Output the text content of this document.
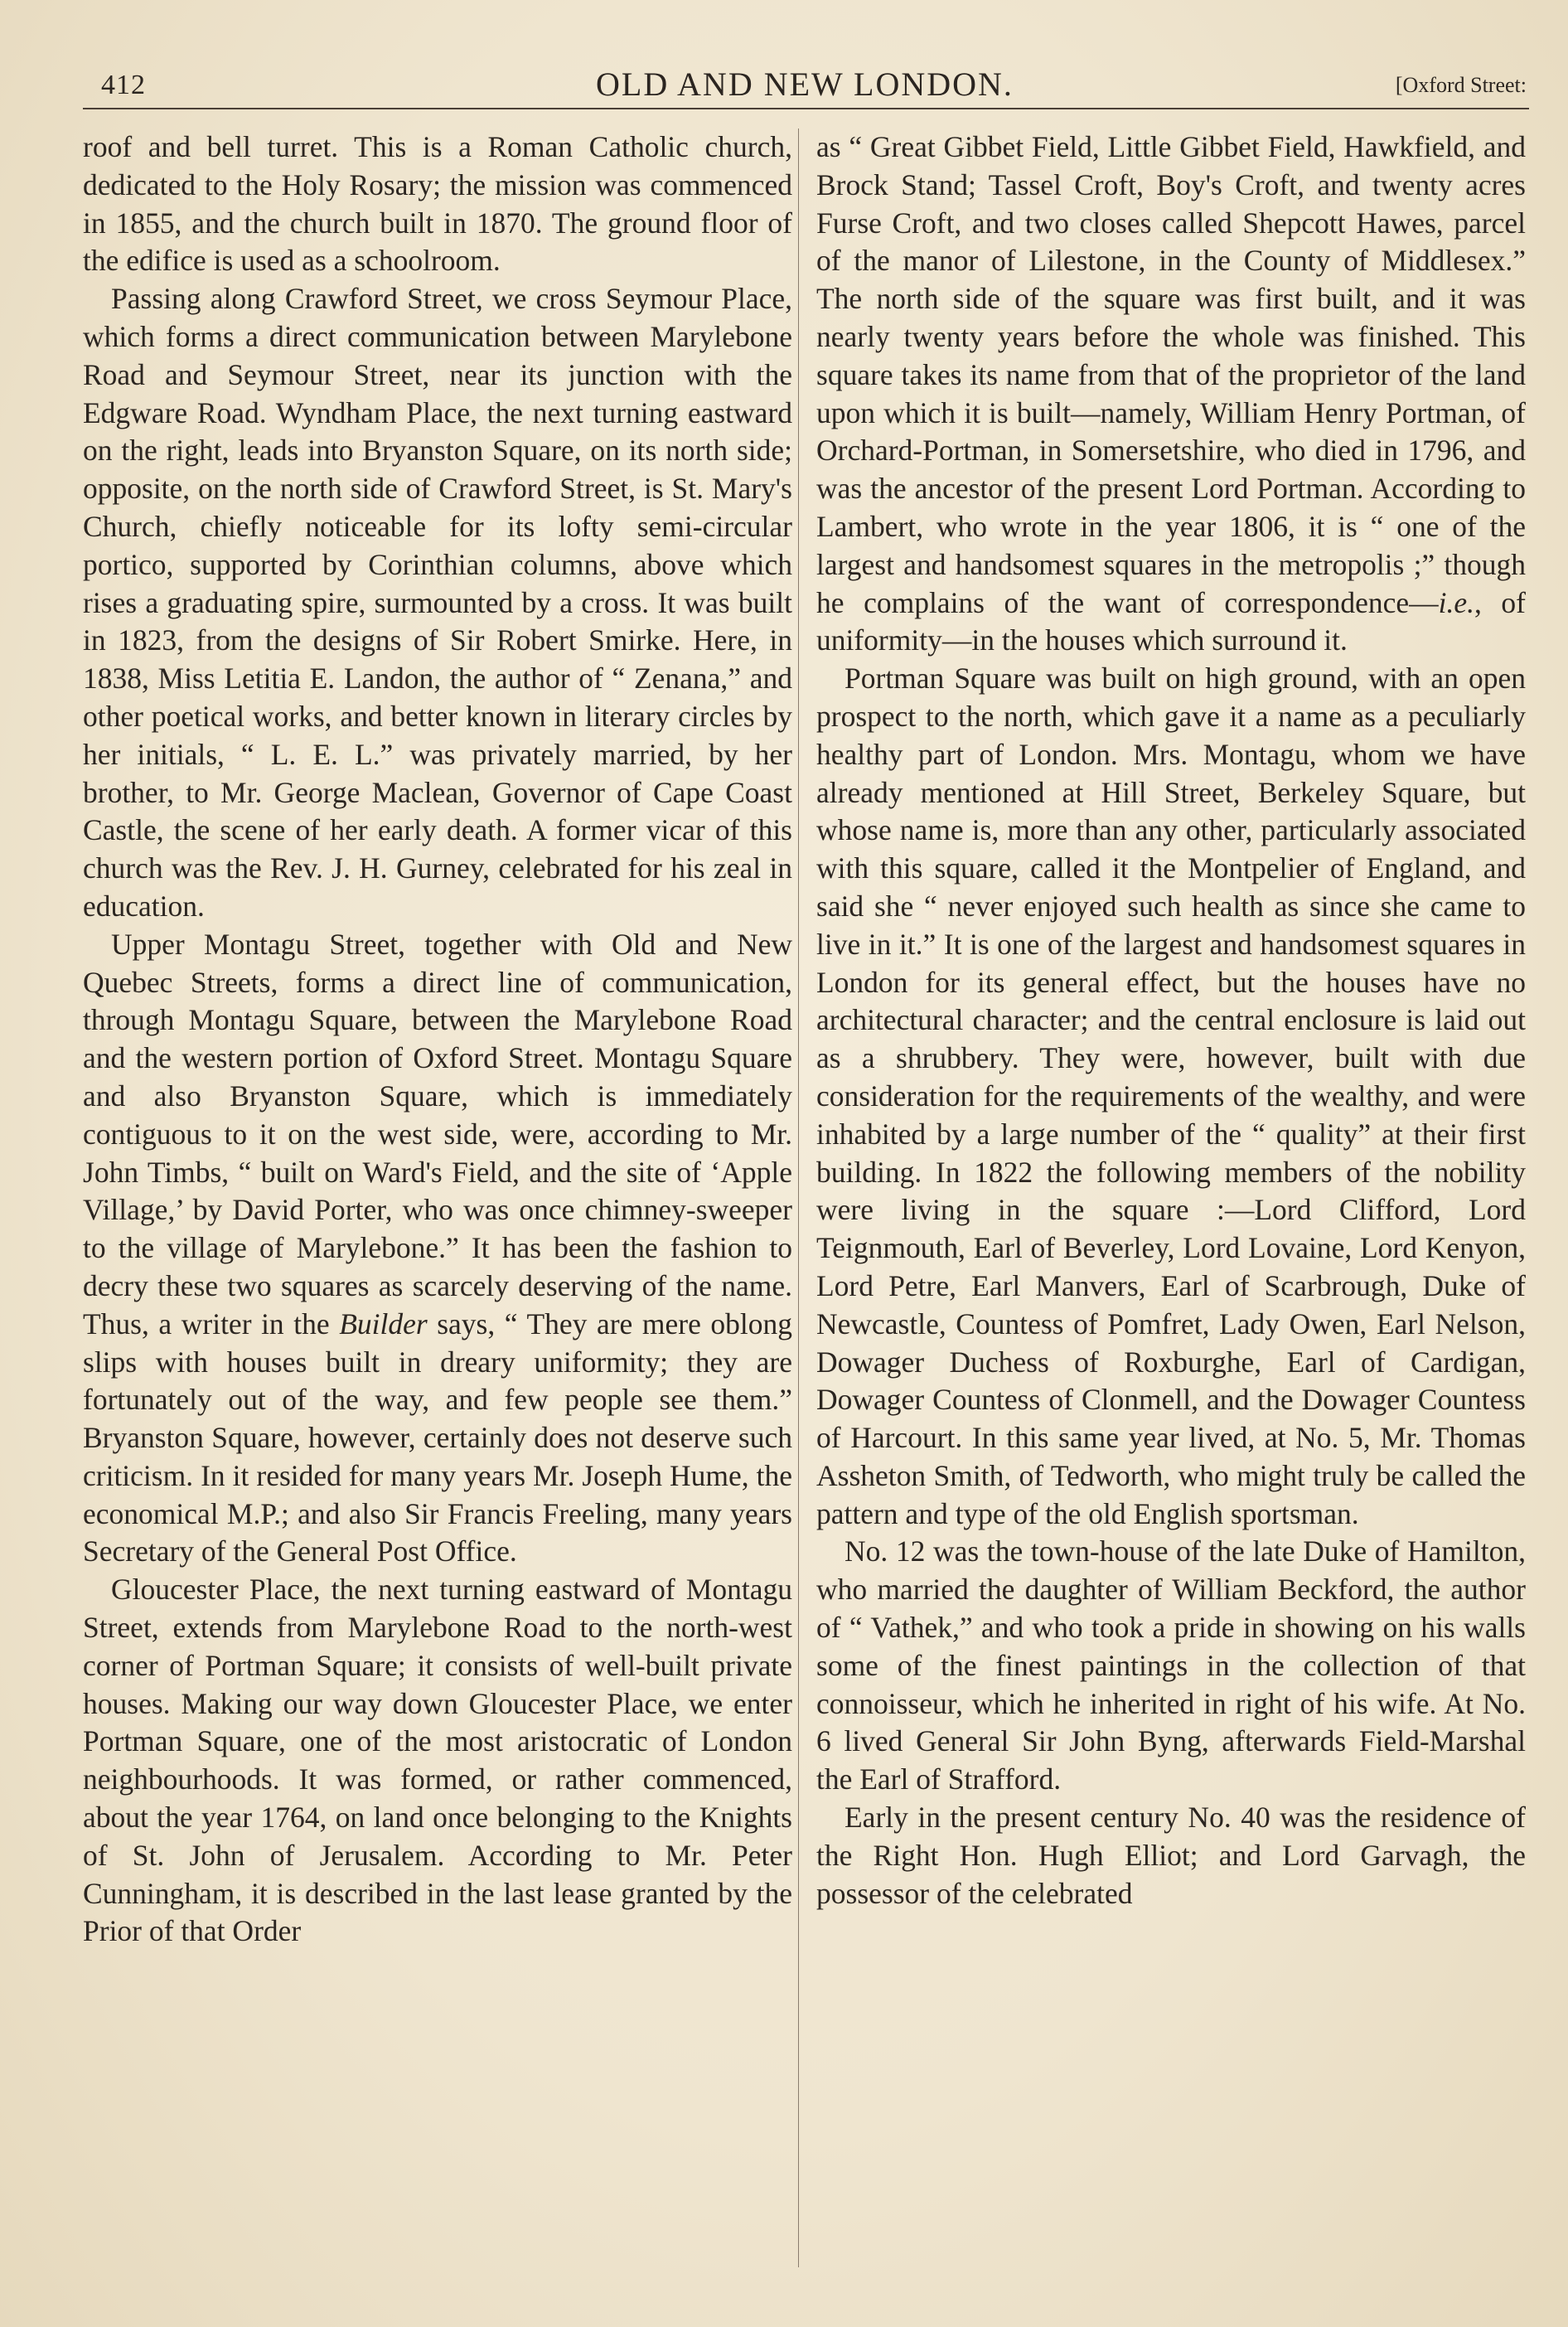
412	OLD AND NEW LONDON.	[Oxford Street:

roof and bell turret. This is a Roman Catholic church, dedicated to the Holy Rosary; the mission was commenced in 1855, and the church built in 1870. The ground floor of the edifice is used as a schoolroom.

Passing along Crawford Street, we cross Seymour Place, which forms a direct communication between Marylebone Road and Seymour Street, near its junction with the Edgware Road. Wyndham Place, the next turning eastward on the right, leads into Bryanston Square, on its north side; opposite, on the north side of Crawford Street, is St. Mary's Church, chiefly noticeable for its lofty semi-circular portico, supported by Corinthian columns, above which rises a graduating spire, surmounted by a cross. It was built in 1823, from the designs of Sir Robert Smirke. Here, in 1838, Miss Letitia E. Landon, the author of “ Zenana,” and other poetical works, and better known in literary circles by her initials, “ L. E. L.” was privately married, by her brother, to Mr. George Maclean, Governor of Cape Coast Castle, the scene of her early death. A former vicar of this church was the Rev. J. H. Gurney, celebrated for his zeal in education.

Upper Montagu Street, together with Old and New Quebec Streets, forms a direct line of communication, through Montagu Square, between the Marylebone Road and the western portion of Oxford Street. Montagu Square and also Bryanston Square, which is immediately contiguous to it on the west side, were, according to Mr. John Timbs, “ built on Ward's Field, and the site of ‘Apple Village,’ by David Porter, who was once chimney-sweeper to the village of Marylebone.” It has been the fashion to decry these two squares as scarcely deserving of the name. Thus, a writer in the Builder says, “ They are mere oblong slips with houses built in dreary uniformity; they are fortunately out of the way, and few people see them.” Bryanston Square, however, certainly does not deserve such criticism. In it resided for many years Mr. Joseph Hume, the economical M.P.; and also Sir Francis Freeling, many years Secretary of the General Post Office.

Gloucester Place, the next turning eastward of Montagu Street, extends from Marylebone Road to the north-west corner of Portman Square; it consists of well-built private houses. Making our way down Gloucester Place, we enter Portman Square, one of the most aristocratic of London neighbourhoods. It was formed, or rather commenced, about the year 1764, on land once belonging to the Knights of St. John of Jerusalem. According to Mr. Peter Cunningham, it is described in the last lease granted by the Prior of that Order

as “ Great Gibbet Field, Little Gibbet Field, Hawkfield, and Brock Stand; Tassel Croft, Boy's Croft, and twenty acres Furse Croft, and two closes called Shepcott Hawes, parcel of the manor of Lilestone, in the County of Middlesex.” The north side of the square was first built, and it was nearly twenty years before the whole was finished. This square takes its name from that of the proprietor of the land upon which it is built—namely, William Henry Portman, of Orchard-Portman, in Somersetshire, who died in 1796, and was the ancestor of the present Lord Portman. According to Lambert, who wrote in the year 1806, it is “ one of the largest and handsomest squares in the metropolis ;” though he complains of the want of correspondence—i.e., of uniformity—in the houses which surround it.

Portman Square was built on high ground, with an open prospect to the north, which gave it a name as a peculiarly healthy part of London. Mrs. Montagu, whom we have already mentioned at Hill Street, Berkeley Square, but whose name is, more than any other, particularly associated with this square, called it the Montpelier of England, and said she “ never enjoyed such health as since she came to live in it.” It is one of the largest and handsomest squares in London for its general effect, but the houses have no architectural character; and the central enclosure is laid out as a shrubbery. They were, however, built with due consideration for the requirements of the wealthy, and were inhabited by a large number of the “ quality” at their first building. In 1822 the following members of the nobility were living in the square :—Lord Clifford, Lord Teignmouth, Earl of Beverley, Lord Lovaine, Lord Kenyon, Lord Petre, Earl Manvers, Earl of Scarbrough, Duke of Newcastle, Countess of Pomfret, Lady Owen, Earl Nelson, Dowager Duchess of Roxburghe, Earl of Cardigan, Dowager Countess of Clonmell, and the Dowager Countess of Harcourt. In this same year lived, at No. 5, Mr. Thomas Assheton Smith, of Tedworth, who might truly be called the pattern and type of the old English sportsman.

No. 12 was the town-house of the late Duke of Hamilton, who married the daughter of William Beckford, the author of “ Vathek,” and who took a pride in showing on his walls some of the finest paintings in the collection of that connoisseur, which he inherited in right of his wife. At No. 6 lived General Sir John Byng, afterwards Field-Marshal the Earl of Strafford.

Early in the present century No. 40 was the residence of the Right Hon. Hugh Elliot; and Lord Garvagh, the possessor of the celebrated
